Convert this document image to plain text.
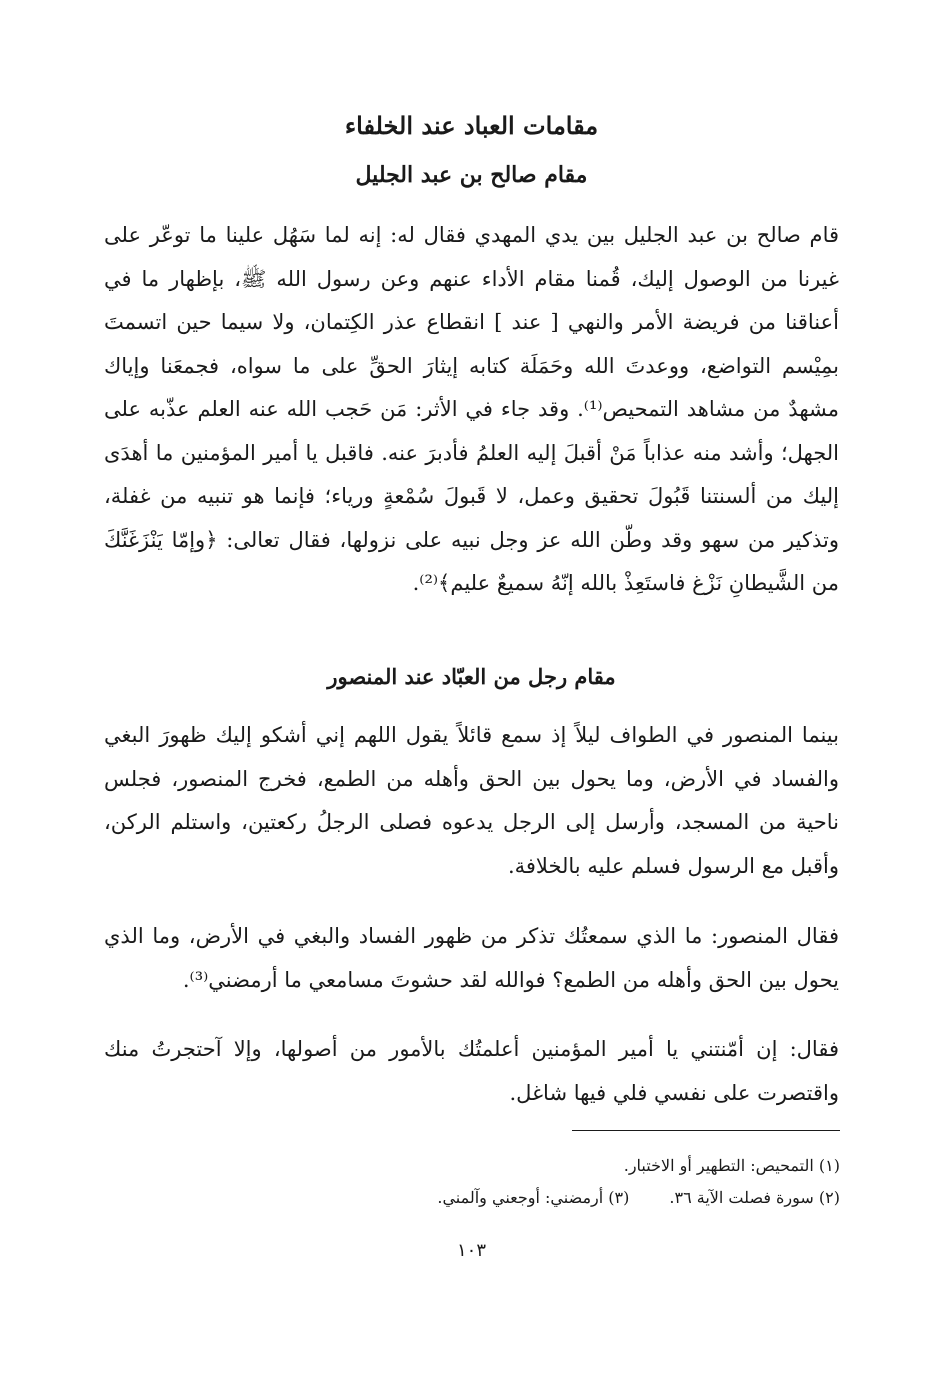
مقامات العباد عند الخلفاء
مقام صالح بن عبد الجليل

قام صالح بن عبد الجليل بين يدي المهدي فقال له: إنه لما سَهُل علينا ما توعّر على غيرنا من الوصول إليك، قُمنا مقام الأداء عنهم وعن رسول الله ﷺ، بإظهار ما في أعناقنا من فريضة الأمر والنهي [ عند ] انقطاع عذر الكِتمان، ولا سيما حين اتسمتَ بمِيْسم التواضع، ووعدتَ الله وحَمَلَة كتابه إيثارَ الحقِّ على ما سواه، فجمعَنا وإياك مشهدٌ من مشاهد التمحيص⁽¹⁾. وقد جاء في الأثر: مَن حَجب الله عنه العلم عذّبه على الجهل؛ وأشد منه عذاباً مَنْ أقبلَ إليه العلمُ فأدبرَ عنه. فاقبل يا أمير المؤمنين ما أهدَى إليك من ألسنتنا قَبُولَ تحقيق وعمل، لا قَبولَ سُمْعةٍ ورياء؛ فإنما هو تنبيه من غفلة، وتذكير من سهو وقد وطّن الله عز وجل نبيه على نزولها، فقال تعالى: ﴿وإمّا يَنْزَغَنَّكَ من الشَّيطانِ نَزْغ فاستَعِذْ بالله إنّهُ سميعٌ عليم﴾⁽²⁾.

مقام رجل من العبّاد عند المنصور

بينما المنصور في الطواف ليلاً إذ سمع قائلاً يقول اللهم إني أشكو إليك ظهورَ البغي والفساد في الأرض، وما يحول بين الحق وأهله من الطمع، فخرج المنصور، فجلس ناحية من المسجد، وأرسل إلى الرجل يدعوه فصلى الرجلُ ركعتين، واستلم الركن، وأقبل مع الرسول فسلم عليه بالخلافة.

فقال المنصور: ما الذي سمعتُك تذكر من ظهور الفساد والبغي في الأرض، وما الذي يحول بين الحق وأهله من الطمع؟ فوالله لقد حشوتَ مسامعي ما أرمضني⁽³⁾.

فقال: إن أمّنتني يا أمير المؤمنين أعلمتُك بالأمور من أصولها، وإلا آحتجرتُ منك واقتصرت على نفسي فلي فيها شاغل.

(١) التمحيص: التطهير أو الاختبار.
(٢) سورة فصلت الآية ٣٦.(٣) أرمضني: أوجعني وآلمني.
١٠٣
